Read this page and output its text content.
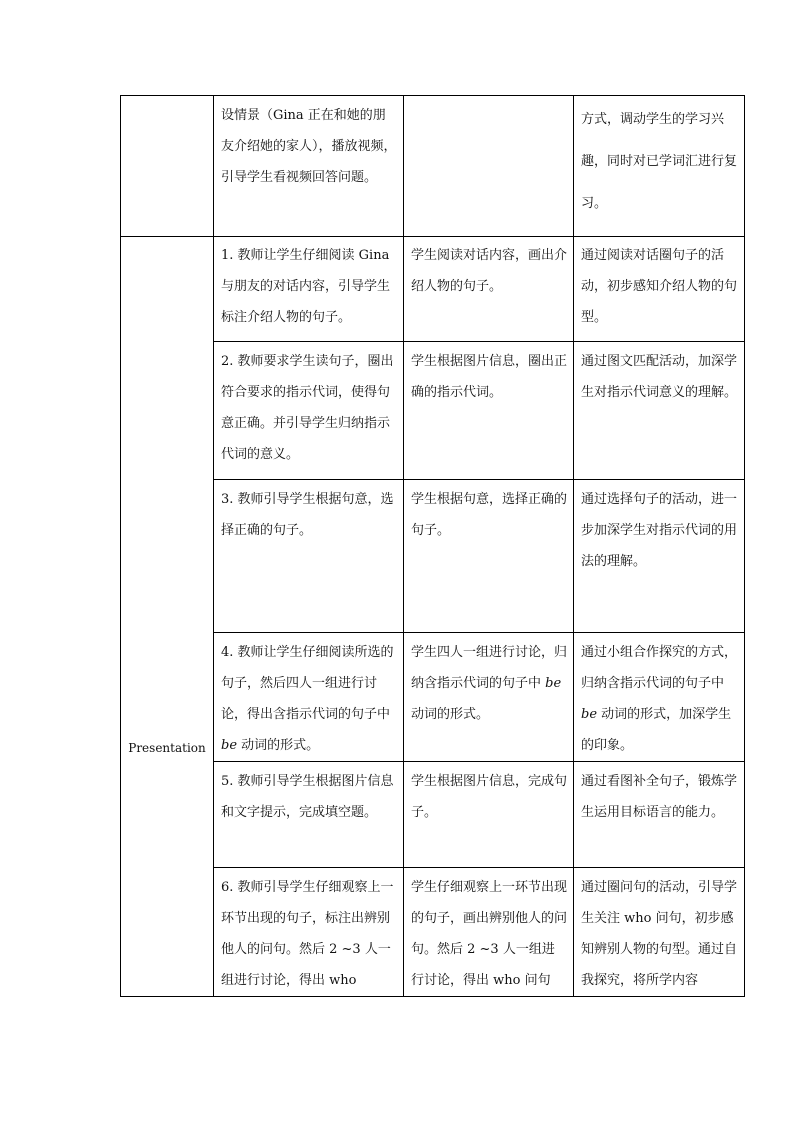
	设情景（Gina 正在和她的朋友介绍她的家人），播放视频，引导学生看视频回答问题。		方式，调动学生的学习兴趣，同时对已学词汇进行复习。

Presentation	1. 教师让学生仔细阅读 Gina 与朋友的对话内容，引导学生标注介绍人物的句子。	学生阅读对话内容，画出介绍人物的句子。	通过阅读对话圈句子的活动，初步感知介绍人物的句型。

	2. 教师要求学生读句子，圈出符合要求的指示代词，使得句意正确。并引导学生归纳指示代词的意义。	学生根据图片信息，圈出正确的指示代词。	通过图文匹配活动，加深学生对指示代词意义的理解。

	3. 教师引导学生根据句意，选择正确的句子。	学生根据句意，选择正确的句子。	通过选择句子的活动，进一步加深学生对指示代词的用法的理解。

	4. 教师让学生仔细阅读所选的句子，然后四人一组进行讨论，得出含指示代词的句子中 be 动词的形式。	学生四人一组进行讨论，归纳含指示代词的句子中 be 动词的形式。	通过小组合作探究的方式，归纳含指示代词的句子中 be 动词的形式，加深学生的印象。

	5. 教师引导学生根据图片信息和文字提示，完成填空题。	学生根据图片信息，完成句子。	通过看图补全句子，锻炼学生运用目标语言的能力。

	6. 教师引导学生仔细观察上一环节出现的句子，标注出辨别他人的问句。然后 2 ~3 人一组进行讨论，得出 who	学生仔细观察上一环节出现的句子，画出辨别他人的问句。然后 2 ~3 人一组进行讨论，得出 who 问句	通过圈问句的活动，引导学生关注 who 问句，初步感知辨别人物的句型。通过自我探究，将所学内容
